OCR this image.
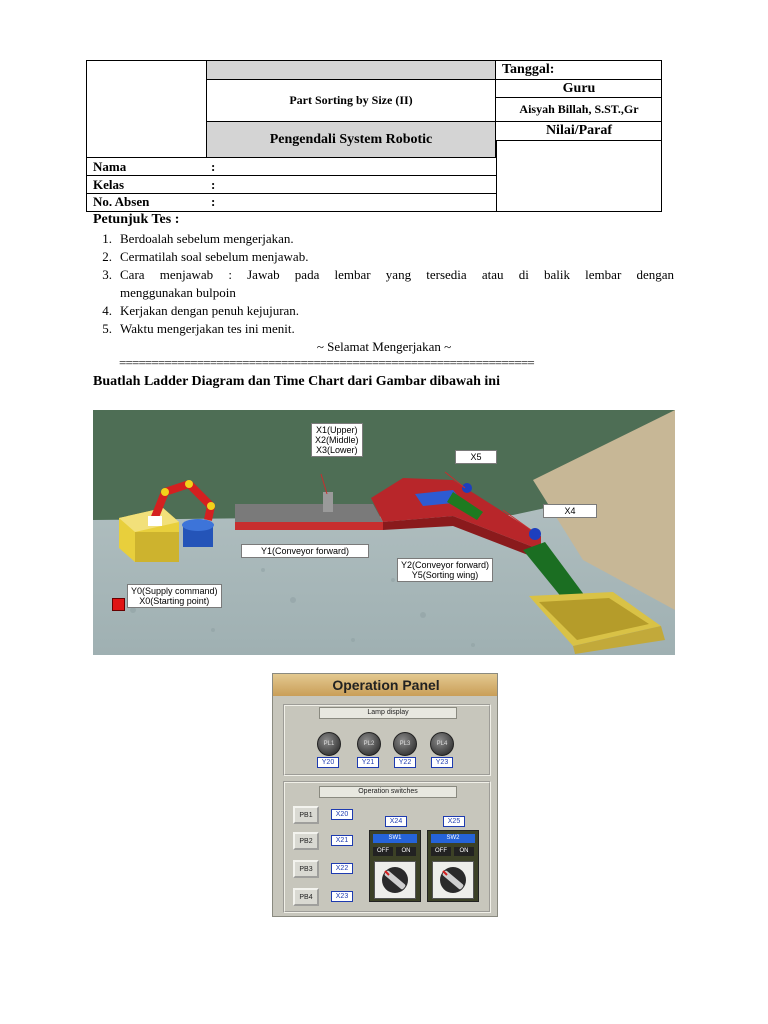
Part Sorting by Size (II)
Pengendali System Robotic
Tanggal:
Guru
Aisyah Billah, S.ST.,Gr
Nilai/Paraf
Nama	:
Kelas	:
No. Absen	:
Petunjuk Tes :
1. Berdoalah sebelum mengerjakan.
2. Cermatilah soal sebelum menjawab.
3. Cara menjawab : Jawab pada lembar yang tersedia atau di balik lembar dengan
menggunakan bulpoin
4. Kerjakan dengan penuh kejujuran.
5. Waktu mengerjakan tes ini menit.
~ Selamat Mengerjakan ~
================================================================
Buatlah Ladder Diagram dan Time Chart dari Gambar dibawah ini
X1(Upper)
X2(Middle)
X3(Lower)
X5
X4
Y1(Conveyor forward)
Y2(Conveyor forward)
Y5(Sorting wing)
Y0(Supply command)
X0(Starting point)
Operation Panel
Lamp display
PL1	PL2	PL3	PL4
Y20	Y21	Y22	Y23
Operation switches
PB1
PB2
PB3
PB4
X20
X21
X22
X23
X24	X25
SW1
OFF	ON
SW2
OFF	ON
